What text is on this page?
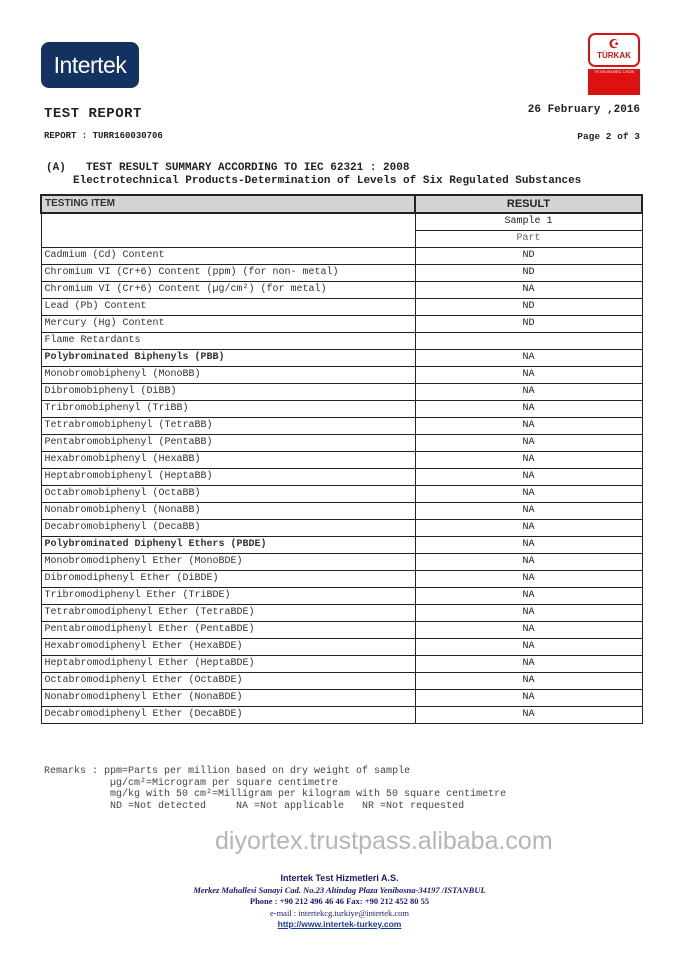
Intertek
☪
TÜRKAK
TS EN ISO/IEC 17025
TEST REPORT	26 February ,2016
REPORT : TURR160030706	Page 2 of 3
(A) TEST RESULT SUMMARY ACCORDING TO IEC 62321 : 2008
Electrotechnical Products-Determination of Levels of Six Regulated Substances
TESTING ITEM	RESULT
	Sample 1
	Part
Cadmium (Cd) Content	ND
Chromium VI (Cr+6) Content (ppm) (for non- metal)	ND
Chromium VI (Cr+6) Content (µg/cm²) (for metal)	NA
Lead (Pb) Content	ND
Mercury (Hg) Content	ND
Flame Retardants	
Polybrominated Biphenyls (PBB)	NA
Monobromobiphenyl (MonoBB)	NA
Dibromobiphenyl (DiBB)	NA
Tribromobiphenyl (TriBB)	NA
Tetrabromobiphenyl (TetraBB)	NA
Pentabromobiphenyl (PentaBB)	NA
Hexabromobiphenyl (HexaBB)	NA
Heptabromobiphenyl (HeptaBB)	NA
Octabromobiphenyl (OctaBB)	NA
Nonabromobiphenyl (NonaBB)	NA
Decabromobiphenyl (DecaBB)	NA
Polybrominated Diphenyl Ethers (PBDE)	NA
Monobromodiphenyl Ether (MonoBDE)	NA
Dibromodiphenyl Ether (DiBDE)	NA
Tribromodiphenyl Ether (TriBDE)	NA
Tetrabromodiphenyl Ether (TetraBDE)	NA
Pentabromodiphenyl Ether (PentaBDE)	NA
Hexabromodiphenyl Ether (HexaBDE)	NA
Heptabromodiphenyl Ether (HeptaBDE)	NA
Octabromodiphenyl Ether (OctaBDE)	NA
Nonabromodiphenyl Ether (NonaBDE)	NA
Decabromodiphenyl Ether (DecaBDE)	NA
Remarks : ppm=Parts per million based on dry weight of sample
µg/cm²=Microgram per square centimetre
mg/kg with 50 cm²=Milligram per kilogram with 50 square centimetre
ND =Not detected     NA =Not applicable   NR =Not requested
diyortex.trustpass.alibaba.com
Intertek Test Hizmetleri A.S.
Merkez Mahallesi Sanayi Cad. No.23 Altindag Plaza Yenibosna-34197 /ISTANBUL
Phone : +90 212 496 46 46 Fax: +90 212 452 80 55
e-mail : intertekcg.turkiye@intertek.com
http://www.intertek-turkey.com
